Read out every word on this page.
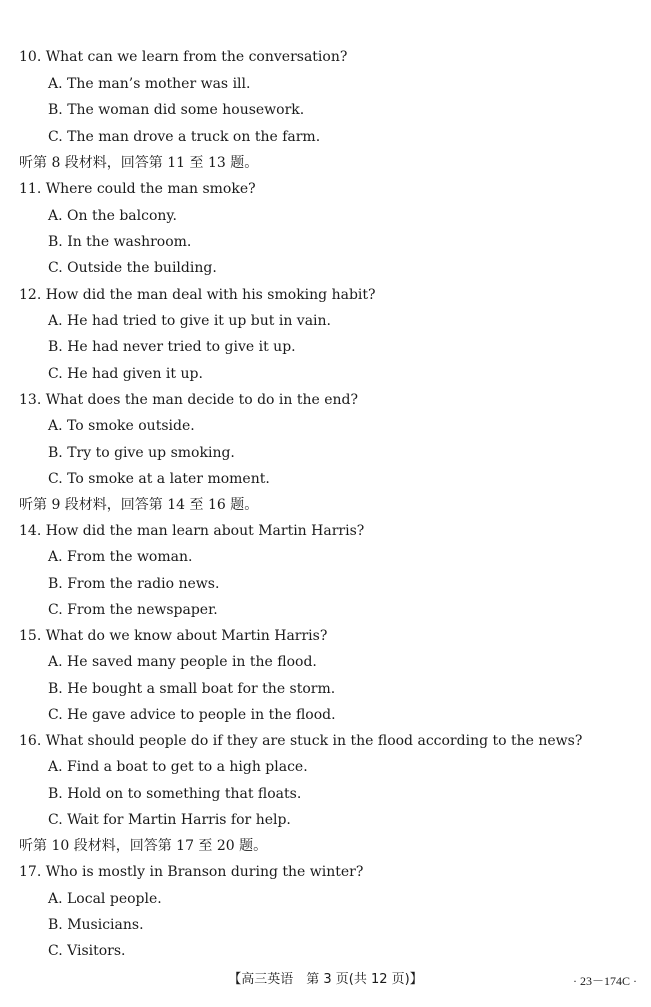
10. What can we learn from the conversation?
A. The man’s mother was ill.
B. The woman did some housework.
C. The man drove a truck on the farm.
听第 8 段材料，回答第 11 至 13 题。
11. Where could the man smoke?
A. On the balcony.
B. In the washroom.
C. Outside the building.
12. How did the man deal with his smoking habit?
A. He had tried to give it up but in vain.
B. He had never tried to give it up.
C. He had given it up.
13. What does the man decide to do in the end?
A. To smoke outside.
B. Try to give up smoking.
C. To smoke at a later moment.
听第 9 段材料，回答第 14 至 16 题。
14. How did the man learn about Martin Harris?
A. From the woman.
B. From the radio news.
C. From the newspaper.
15. What do we know about Martin Harris?
A. He saved many people in the flood.
B. He bought a small boat for the storm.
C. He gave advice to people in the flood.
16. What should people do if they are stuck in the flood according to the news?
A. Find a boat to get to a high place.
B. Hold on to something that floats.
C. Wait for Martin Harris for help.
听第 10 段材料，回答第 17 至 20 题。
17. Who is mostly in Branson during the winter?
A. Local people.
B. Musicians.
C. Visitors.
【高三英语　第 3 页(共 12 页)】	· 23－174C ·
